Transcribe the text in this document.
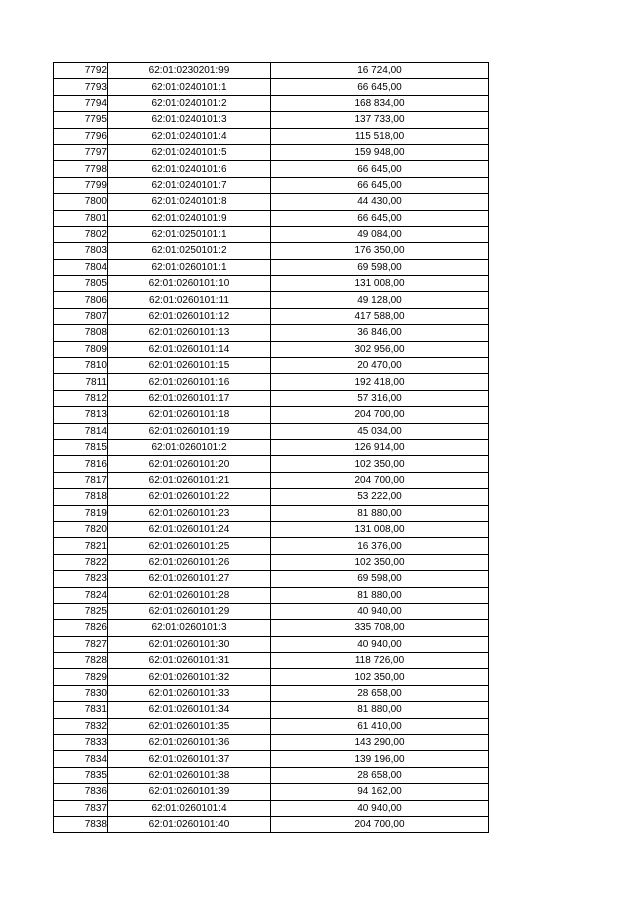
7792	62:01:0230201:99	16 724,00
7793	62:01:0240101:1	66 645,00
7794	62:01:0240101:2	168 834,00
7795	62:01:0240101:3	137 733,00
7796	62:01:0240101:4	115 518,00
7797	62:01:0240101:5	159 948,00
7798	62:01:0240101:6	66 645,00
7799	62:01:0240101:7	66 645,00
7800	62:01:0240101:8	44 430,00
7801	62:01:0240101:9	66 645,00
7802	62:01:0250101:1	49 084,00
7803	62:01:0250101:2	176 350,00
7804	62:01:0260101:1	69 598,00
7805	62:01:0260101:10	131 008,00
7806	62:01:0260101:11	49 128,00
7807	62:01:0260101:12	417 588,00
7808	62:01:0260101:13	36 846,00
7809	62:01:0260101:14	302 956,00
7810	62:01:0260101:15	20 470,00
7811	62:01:0260101:16	192 418,00
7812	62:01:0260101:17	57 316,00
7813	62:01:0260101:18	204 700,00
7814	62:01:0260101:19	45 034,00
7815	62:01:0260101:2	126 914,00
7816	62:01:0260101:20	102 350,00
7817	62:01:0260101:21	204 700,00
7818	62:01:0260101:22	53 222,00
7819	62:01:0260101:23	81 880,00
7820	62:01:0260101:24	131 008,00
7821	62:01:0260101:25	16 376,00
7822	62:01:0260101:26	102 350,00
7823	62:01:0260101:27	69 598,00
7824	62:01:0260101:28	81 880,00
7825	62:01:0260101:29	40 940,00
7826	62:01:0260101:3	335 708,00
7827	62:01:0260101:30	40 940,00
7828	62:01:0260101:31	118 726,00
7829	62:01:0260101:32	102 350,00
7830	62:01:0260101:33	28 658,00
7831	62:01:0260101:34	81 880,00
7832	62:01:0260101:35	61 410,00
7833	62:01:0260101:36	143 290,00
7834	62:01:0260101:37	139 196,00
7835	62:01:0260101:38	28 658,00
7836	62:01:0260101:39	94 162,00
7837	62:01:0260101:4	40 940,00
7838	62:01:0260101:40	204 700,00
